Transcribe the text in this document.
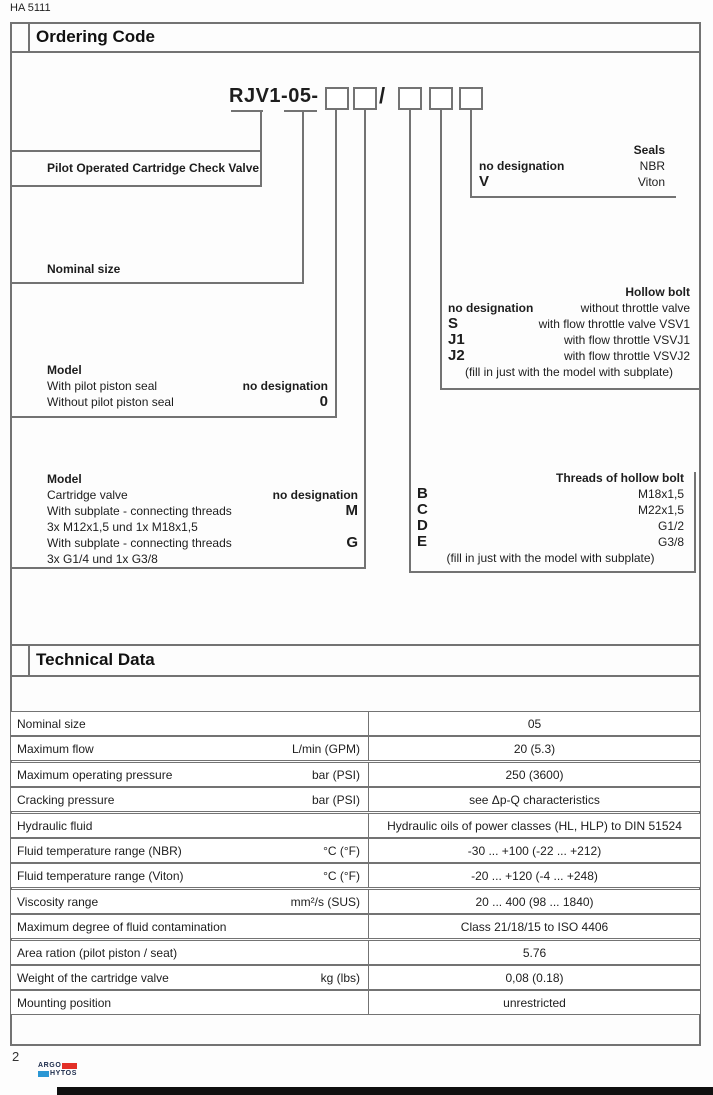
HA 5111
Ordering Code
RJV1-05-	/
Pilot Operated Cartridge Check Valve
Nominal size
Seals
no designation	NBR
V	Viton
Hollow bolt
no designation	without throttle valve
S	with flow throttle valve VSV1
J1	with flow throttle VSVJ1
J2	with flow throttle VSVJ2
(fill in just with the model with subplate)
Model
With pilot piston seal	no designation
Without pilot piston seal	0
Model
Cartridge valve	no designation
With subplate - connecting threads	M
3x M12x1,5 und 1x M18x1,5
With subplate - connecting threads	G
3x G1/4 und 1x G3/8
Threads of hollow bolt
B	M18x1,5
C	M22x1,5
D	G1/2
E	G3/8
(fill in just with the model with subplate)
Technical Data
Nominal size	05
Maximum flow	L/min (GPM)	20 (5.3)
Maximum operating pressure	bar (PSI)	250 (3600)
Cracking pressure	bar (PSI)	see Δp-Q characteristics
Hydraulic fluid	Hydraulic oils of power classes (HL, HLP) to DIN 51524
Fluid temperature range (NBR)	°C (°F)	-30 ... +100 (-22 ... +212)
Fluid temperature range (Viton)	°C (°F)	-20 ... +120 (-4 ... +248)
Viscosity range	mm²/s (SUS)	20 ... 400 (98 ... 1840)
Maximum degree of fluid contamination	Class 21/18/15 to ISO 4406
Area ration (pilot piston / seat)	5.76
Weight of the cartridge valve	kg (lbs)	0,08 (0.18)
Mounting position	unrestricted
2
ARGO
HYTOS
